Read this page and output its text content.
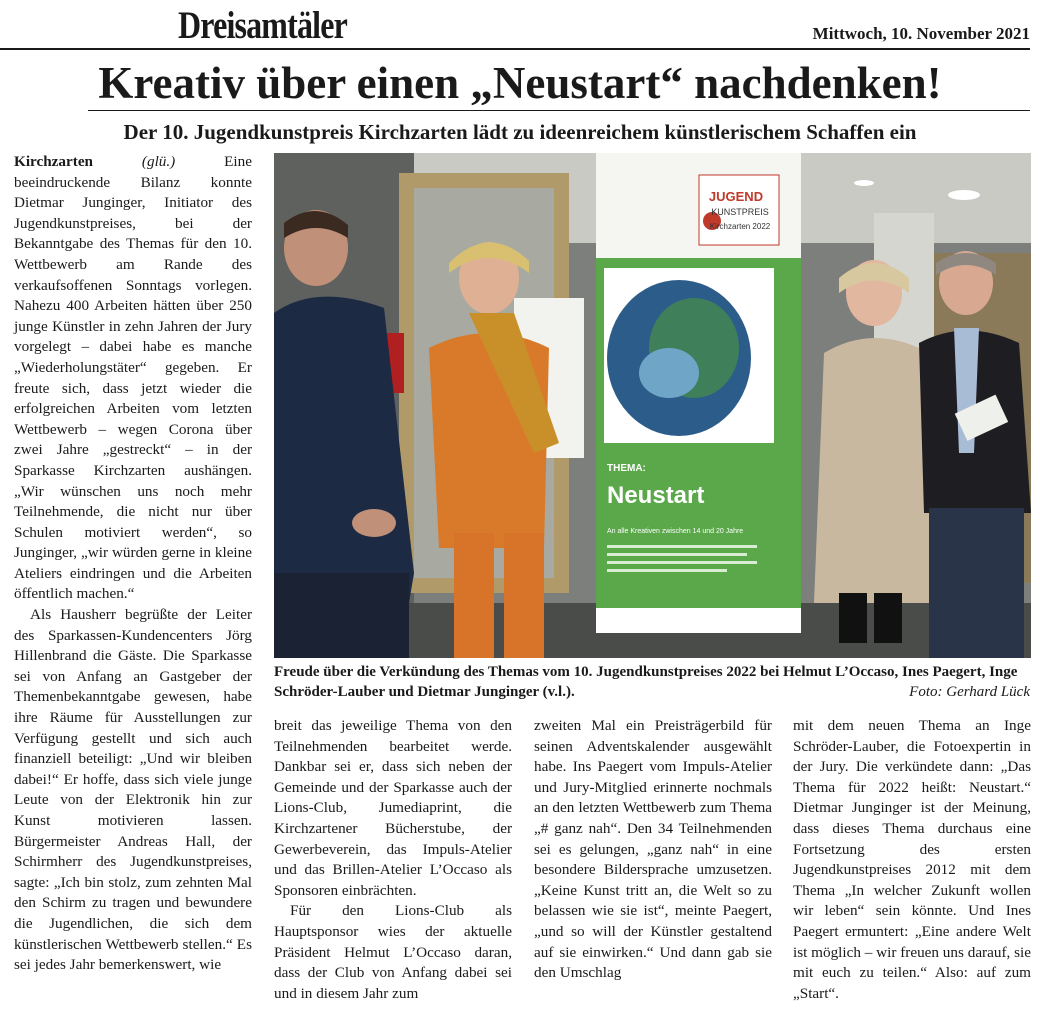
Dreisamtäler	Mittwoch, 10. November 2021
Kreativ über einen „Neustart“ nachdenken!
Der 10. Jugendkunstpreis Kirchzarten lädt zu ideenreichem künstlerischem Schaffen ein

Kirchzarten	(glü.) Eine beeindruckende Bilanz konnte Dietmar Junginger, Initiator des Jugendkunstpreises, bei der Bekanntgabe des Themas für den 10. Wettbewerb am Rande des verkaufsoffenen Sonntags vorlegen. Nahezu 400 Arbeiten hätten über 250 junge Künstler in zehn Jahren der Jury vorgelegt – dabei habe es manche „Wiederholungstäter“ gegeben. Er freute sich, dass jetzt wieder die erfolgreichen Arbeiten vom letzten Wettbewerb – wegen Corona über zwei Jahre „gestreckt“ – in der Sparkasse Kirchzarten aushängen. „Wir wünschen uns noch mehr Teilnehmende, die nicht nur über Schulen motiviert werden“, so Junginger, „wir würden gerne in kleine Ateliers eindringen und die Arbeiten öffentlich machen.“

Als Hausherr begrüßte der Leiter des Sparkassen-Kundencenters Jörg Hillenbrand die Gäste. Die Sparkasse sei von Anfang an Gastgeber der Themenbekanntgabe gewesen, habe ihre Räume für Ausstellungen zur Verfügung gestellt und sich auch finanziell beteiligt: „Und wir bleiben dabei!“ Er hoffe, dass sich viele junge Leute von der Elektronik hin zur Kunst motivieren lassen. Bürgermeister Andreas Hall, der Schirmherr des Jugendkunstpreises, sagte: „Ich bin stolz, zum zehnten Mal den Schirm zu tragen und bewundere die Jugendlichen, die sich dem künstlerischen Wettbewerb stellen.“ Es sei jedes Jahr bemerkenswert, wie

JUGEND
KUNSTPREIS
Kirchzarten 2022
THEMA:
Neustart
An alle Kreativen zwischen 14 und 20 Jahre
Freude über die Verkündung des Themas vom 10. Jugendkunstpreises 2022 bei Helmut L’Occaso, Ines Paegert, Inge Schröder-Lauber und Dietmar Junginger (v.l.).	Foto: Gerhard Lück

breit das jeweilige Thema von den Teilnehmenden bearbeitet werde. Dankbar sei er, dass sich neben der Gemeinde und der Sparkasse auch der Lions-Club, Jumediaprint, die Kirchzartener Bücherstube, der Gewerbeverein, das Impuls-Atelier und das Brillen-Atelier L’Occaso als Sponsoren einbrächten.

Für den Lions-Club als Hauptsponsor wies der aktuelle Präsident Helmut L’Occaso daran, dass der Club von Anfang dabei sei und in diesem Jahr zum

zweiten Mal ein Preisträgerbild für seinen Adventskalender ausgewählt habe. Ins Paegert vom Impuls-Atelier und Jury-Mitglied erinnerte nochmals an den letzten Wettbewerb zum Thema „# ganz nah“. Den 34 Teilnehmenden sei es gelungen, „ganz nah“ in eine besondere Bildersprache umzusetzen. „Keine Kunst tritt an, die Welt so zu belassen wie sie ist“, meinte Paegert, „und so will der Künstler gestaltend auf sie einwirken.“ Und dann gab sie den Umschlag

mit dem neuen Thema an Inge Schröder-Lauber, die Fotoexpertin in der Jury. Die verkündete dann: „Das Thema für 2022 heißt: Neustart.“ Dietmar Junginger ist der Meinung, dass dieses Thema durchaus eine Fortsetzung des ersten Jugendkunstpreises 2012 mit dem Thema „In welcher Zukunft wollen wir leben“ sein könnte. Und Ines Paegert ermuntert: „Eine andere Welt ist möglich – wir freuen uns darauf, sie mit euch zu teilen.“ Also: auf zum „Start“.
